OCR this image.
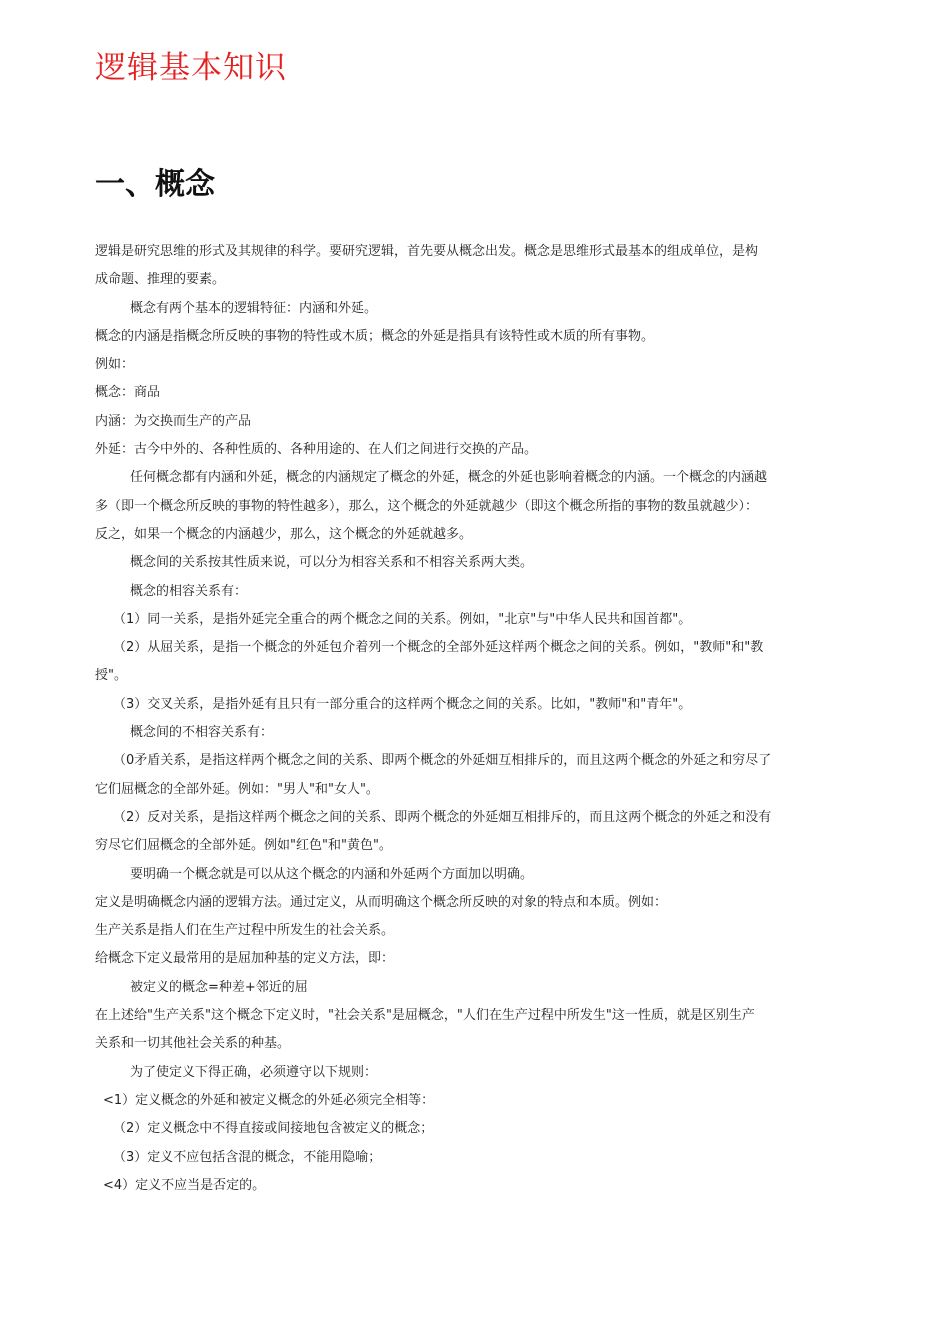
逻辑基本知识
一、概念

逻辑是研究思维的形式及其规律的科学。要研究逻辑，首先要从概念出发。概念是思维形式最基本的组成单位，是构

成命题、推理的要素。

概念有两个基本的逻辑特征：内涵和外延。

概念的内涵是指概念所反映的事物的特性或木质；概念的外延是指具有该特性或木质的所有事物。

例如：

概念：商品

内涵：为交换而生产的产品

外延：古今中外的、各种性质的、各种用途的、在人们之间进行交换的产品。

任何概念都有内涵和外延，概念的内涵规定了概念的外延，概念的外延也影响着概念的内涵。一个概念的内涵越

多（即一个概念所反映的事物的特性越多），那么，这个概念的外延就越少（即这个概念所指的事物的数虽就越少）：

反之，如果一个概念的内涵越少，那么，这个概念的外延就越多。

概念间的关系按其性质来说，可以分为相容关系和不相容关系两大类。

概念的相容关系有：

（1）同一关系，是指外延完全重合的两个概念之间的关系。例如，"北京"与"中华人民共和国首都"。

（2）从屈关系，是指一个概念的外延包介着列一个概念的全部外延这样两个概念之间的关系。例如，"教师"和"教

授"。

（3）交叉关系，是指外延有且只有一部分重合的这样两个概念之间的关系。比如，"教师"和"青年"。

概念间的不相容关系有：

（0矛盾关系，是指这样两个概念之间的关系、即两个概念的外延畑互相排斥的，而且这两个概念的外延之和穷尽了

它们屈概念的全部外延。例如："男人"和"女人"。

（2）反对关系，是指这样两个概念之间的关系、即两个概念的外延畑互相排斥的，而且这两个概念的外延之和没有

穷尽它们屈概念的全部外延。例如"红色"和"黄色"。

要明确一个概念就是可以从这个概念的内涵和外延两个方面加以明确。

定义是明确概念内涵的逻辑方法。通过定义，从而明确这个概念所反映的对象的特点和本质。例如：

生产关系是指人们在生产过程中所发生的社会关系。

给概念下定义最常用的是屈加种基的定义方法，即：

被定义的概念=种差+邻近的屈

在上述给"生产关系"这个概念下定义时，"社会关系"是屈概念，"人们在生产过程中所发生"这一性质，就是区别生产

关系和一切其他社会关系的种基。

为了使定义下得正确，必须遵守以下规则：

<1）定义概念的外延和被定义概念的外延必须完全相等：

（2）定义概念中不得直接或间接地包含被定义的概念；

（3）定义不应包括含混的概念，不能用隐喻；

<4）定义不应当是否定的。
